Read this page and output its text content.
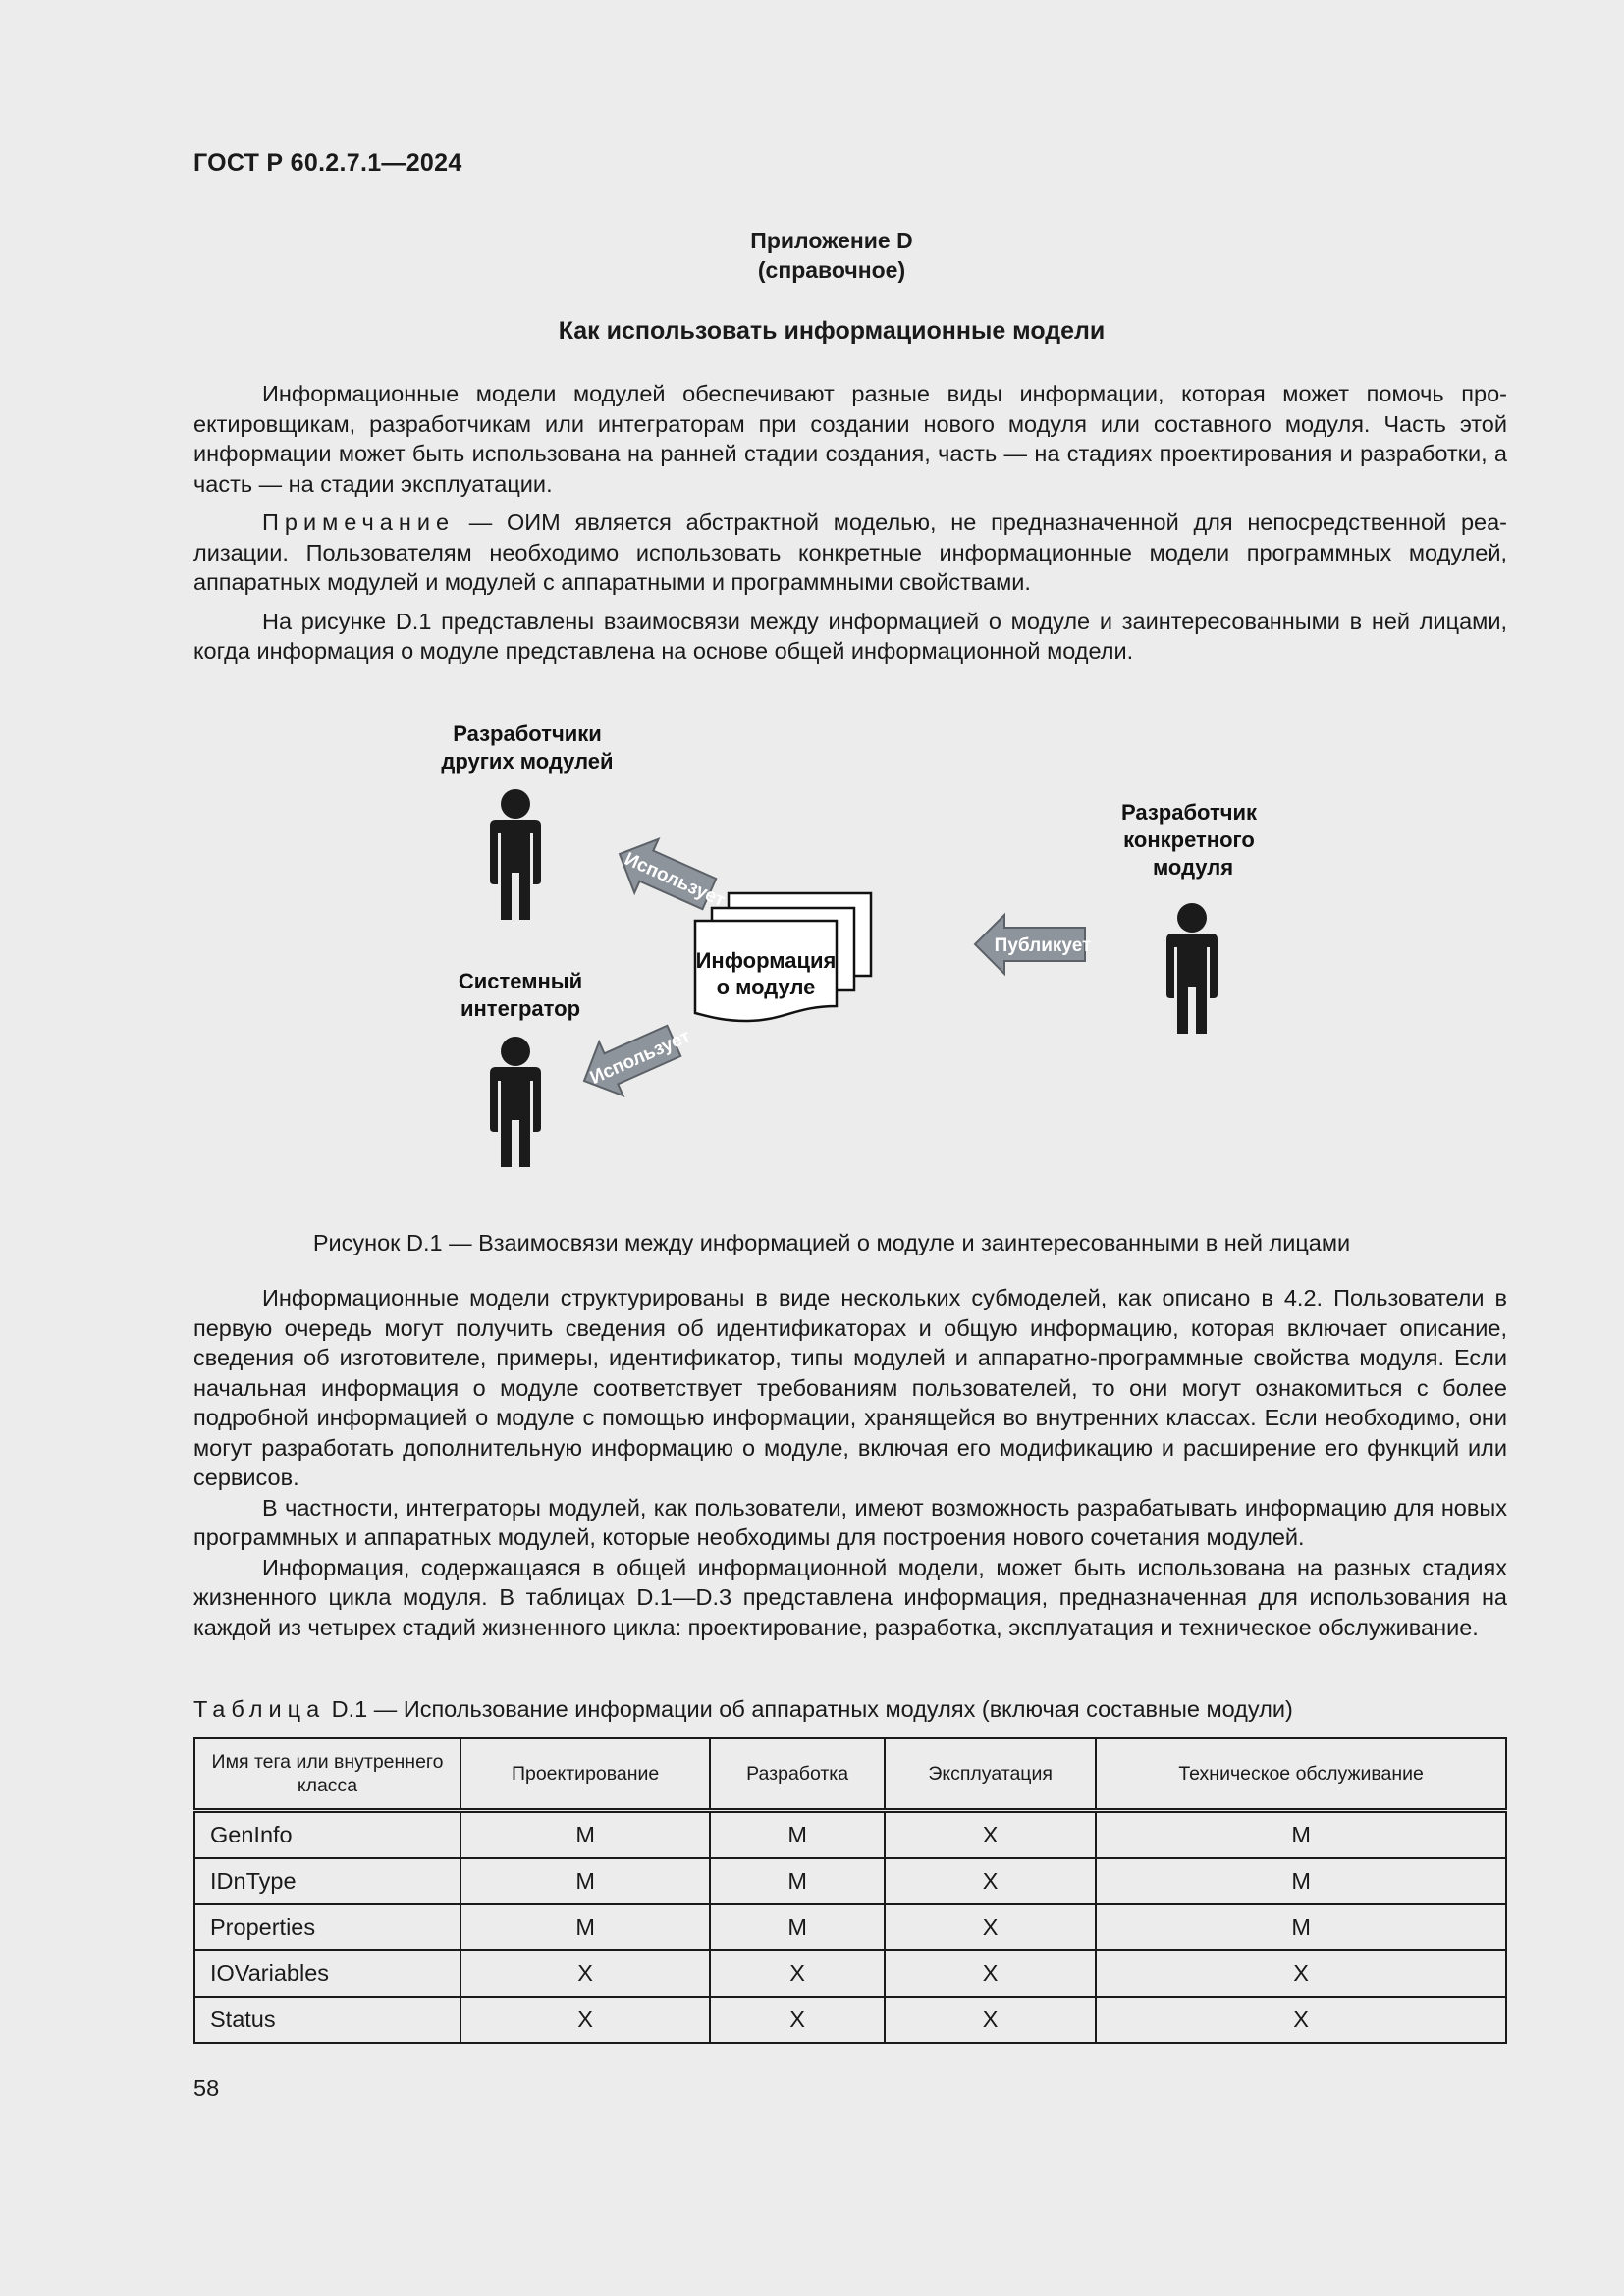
ГОСТ Р 60.2.7.1—2024
Приложение D
(справочное)
Как использовать информационные модели

Информационные модели модулей обеспечивают разные виды информации, которая может помочь проектировщикам, разработчикам или интеграторам при создании нового модуля или составного модуля. Часть этой информации может быть использована на ранней стадии создания, часть — на стадиях проектирования и разработки, а часть — на стадии эксплуатации.

Примечание — ОИМ является абстрактной моделью, не предназначенной для непосредственной реализации. Пользователям необходимо использовать конкретные информационные модели программных модулей, аппаратных модулей и модулей с аппаратными и программными свойствами.

На рисунке D.1 представлены взаимосвязи между информацией о модуле и заинтересованными в ней лицами, когда информация о модуле представлена на основе общей информационной модели.

Разработчики
других модулей
Системный
интегратор
Разработчик
конкретного
модуля
Информация
о модуле
Использует
Использует
Публикует
Рисунок D.1 — Взаимосвязи между информацией о модуле и заинтересованными в ней лицами

Информационные модели структурированы в виде нескольких субмоделей, как описано в 4.2. Пользователи в первую очередь могут получить сведения об идентификаторах и общую информацию, которая включает описание, сведения об изготовителе, примеры, идентификатор, типы модулей и аппаратно-программные свойства модуля. Если начальная информация о модуле соответствует требованиям пользователей, то они могут ознакомиться с более подробной информацией о модуле с помощью информации, хранящейся во внутренних классах. Если необходимо, они могут разработать дополнительную информацию о модуле, включая его модификацию и расширение его функций или сервисов.

В частности, интеграторы модулей, как пользователи, имеют возможность разрабатывать информацию для новых программных и аппаратных модулей, которые необходимы для построения нового сочетания модулей.

Информация, содержащаяся в общей информационной модели, может быть использована на разных стадиях жизненного цикла модуля. В таблицах D.1—D.3 представлена информация, предназначенная для использования на каждой из четырех стадий жизненного цикла: проектирование, разработка, эксплуатация и техническое обслуживание.

Таблица D.1 — Использование информации об аппаратных модулях (включая составные модули)
Имя тега или внутреннего класса	Проектирование	Разработка	Эксплуатация	Техническое обслуживание
GenInfo	M	M	X	M
IDnType	M	M	X	M
Properties	M	M	X	M
IOVariables	X	X	X	X
Status	X	X	X	X
58
